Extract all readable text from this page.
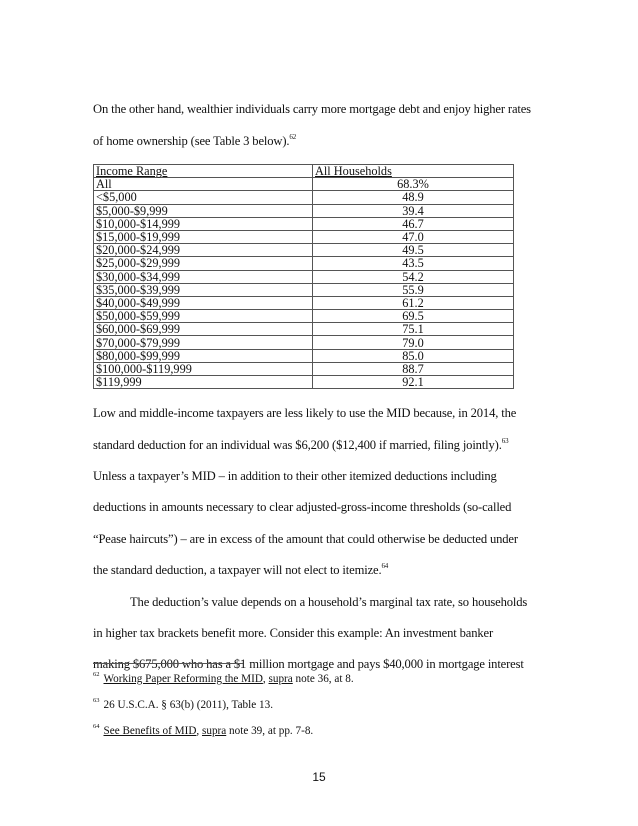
On the other hand, wealthier individuals carry more mortgage debt and enjoy higher rates
of home ownership (see Table 3 below).$^{62}$
Income Range	All Households
All	68.3%
<$5,000	48.9
$5,000-$9,999	39.4
$10,000-$14,999	46.7
$15,000-$19,999	47.0
$20,000-$24,999	49.5
$25,000-$29,999	43.5
$30,000-$34,999	54.2
$35,000-$39,999	55.9
$40,000-$49,999	61.2
$50,000-$59,999	69.5
$60,000-$69,999	75.1
$70,000-$79,999	79.0
$80,000-$99,999	85.0
$100,000-$119,999	88.7
$119,999	92.1
Low and middle-income taxpayers are less likely to use the MID because, in 2014, the
standard deduction for an individual was $6,200 ($12,400 if married, filing jointly).$^{63}$
Unless a taxpayer’s MID – in addition to their other itemized deductions including
deductions in amounts necessary to clear adjusted-gross-income thresholds (so-called
“Pease haircuts”) – are in excess of the amount that could otherwise be deducted under
the standard deduction, a taxpayer will not elect to itemize.$^{64}$
The deduction’s value depends on a household’s marginal tax rate, so households
in higher tax brackets benefit more. Consider this example: An investment banker
making $675,000 who has a $1 million mortgage and pays $40,000 in mortgage interest
$^{62}$ Working Paper Reforming the MID, supra note 36, at 8.
$^{63}$ 26 U.S.C.A. § 63(b) (2011), Table 13.
$^{64}$ See Benefits of MID, supra note 39, at pp. 7-8.
15
